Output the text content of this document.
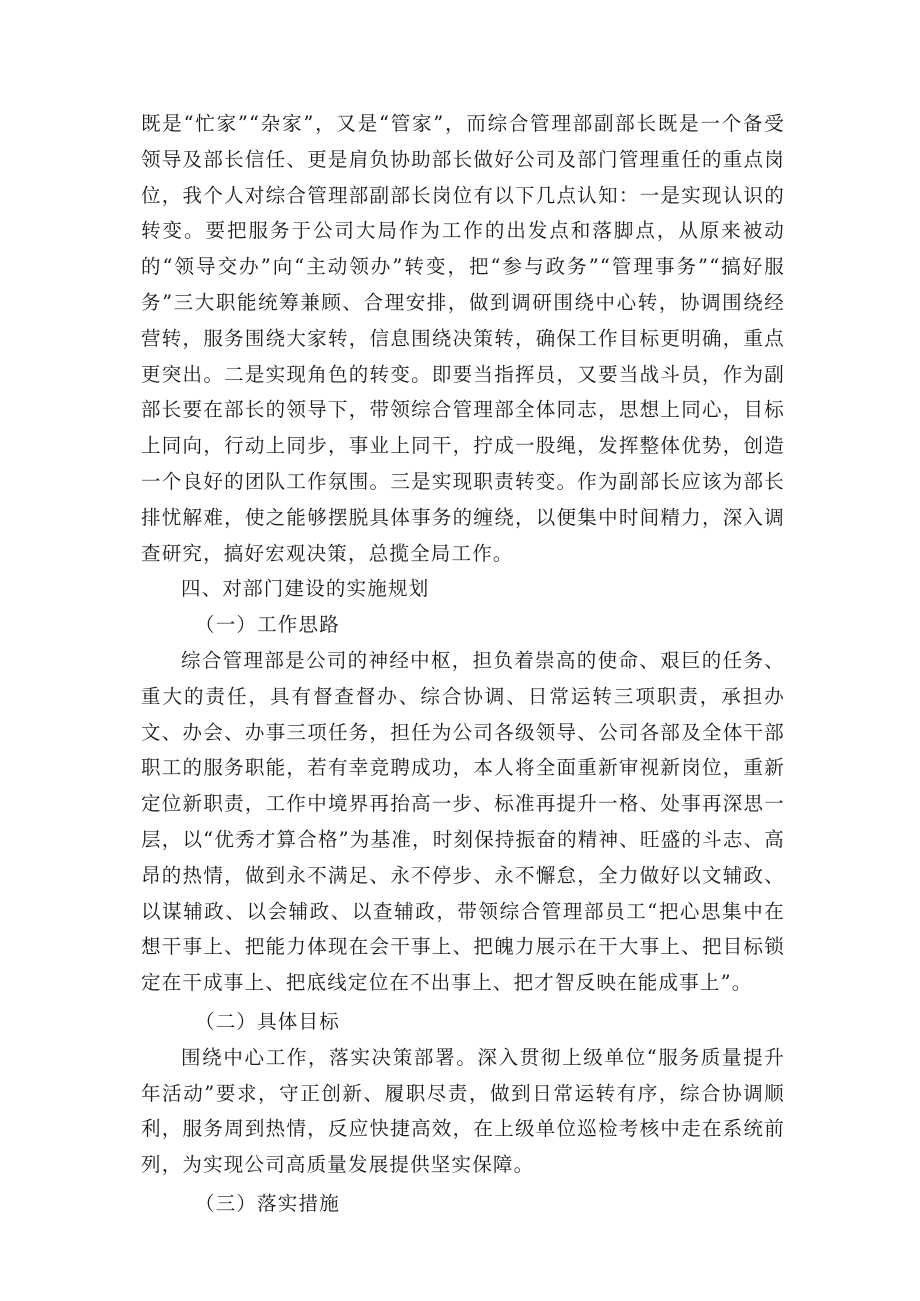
既是“忙家”“杂家”，又是“管家”，而综合管理部副部长既是一个备受领导及部长信任、更是肩负协助部长做好公司及部门管理重任的重点岗位，我个人对综合管理部副部长岗位有以下几点认知：一是实现认识的转变。要把服务于公司大局作为工作的出发点和落脚点，从原来被动的“领导交办”向“主动领办”转变，把“参与政务”“管理事务”“搞好服务”三大职能统筹兼顾、合理安排，做到调研围绕中心转，协调围绕经营转，服务围绕大家转，信息围绕决策转，确保工作目标更明确，重点更突出。二是实现角色的转变。即要当指挥员，又要当战斗员，作为副部长要在部长的领导下，带领综合管理部全体同志，思想上同心，目标上同向，行动上同步，事业上同干，拧成一股绳，发挥整体优势，创造一个良好的团队工作氛围。三是实现职责转变。作为副部长应该为部长排忧解难，使之能够摆脱具体事务的缠绕，以便集中时间精力，深入调查研究，搞好宏观决策，总揽全局工作。

四、对部门建设的实施规划

（一）工作思路

综合管理部是公司的神经中枢，担负着崇高的使命、艰巨的任务、重大的责任，具有督查督办、综合协调、日常运转三项职责，承担办文、办会、办事三项任务，担任为公司各级领导、公司各部及全体干部职工的服务职能，若有幸竞聘成功，本人将全面重新审视新岗位，重新定位新职责，工作中境界再抬高一步、标准再提升一格、处事再深思一层，以“优秀才算合格”为基准，时刻保持振奋的精神、旺盛的斗志、高昂的热情，做到永不满足、永不停步、永不懈怠，全力做好以文辅政、以谋辅政、以会辅政、以查辅政，带领综合管理部员工“把心思集中在想干事上、把能力体现在会干事上、把魄力展示在干大事上、把目标锁定在干成事上、把底线定位在不出事上、把才智反映在能成事上”。

（二）具体目标

围绕中心工作，落实决策部署。深入贯彻上级单位“服务质量提升年活动”要求，守正创新、履职尽责，做到日常运转有序，综合协调顺利，服务周到热情，反应快捷高效，在上级单位巡检考核中走在系统前列，为实现公司高质量发展提供坚实保障。

（三）落实措施
